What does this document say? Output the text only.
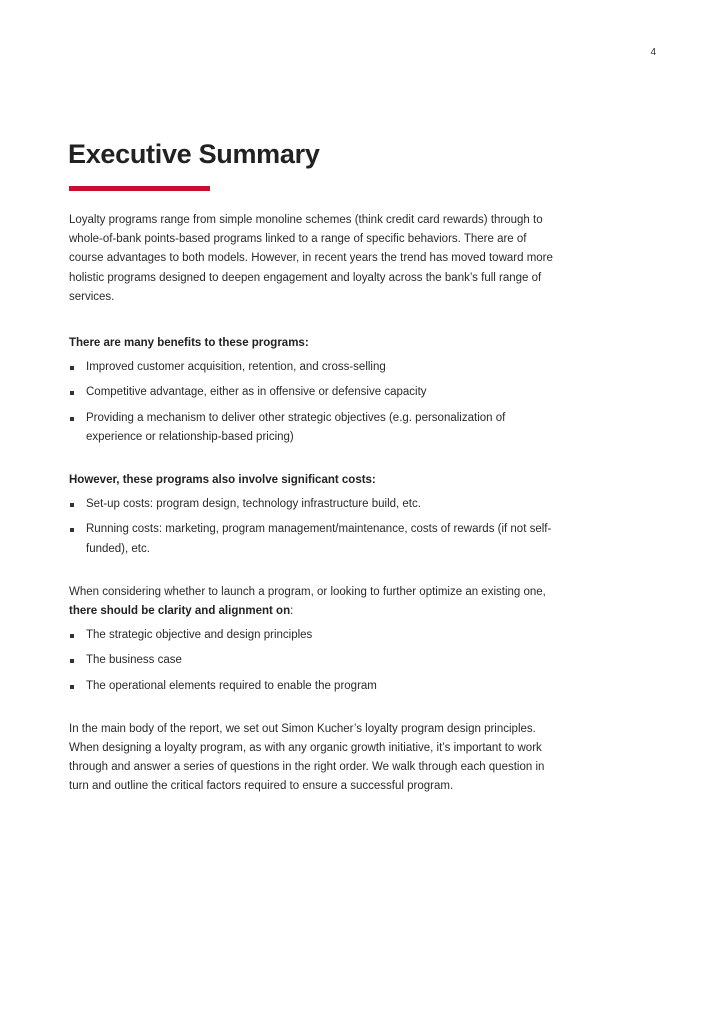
4
Executive Summary

Loyalty programs range from simple monoline schemes (think credit card rewards) through to whole-of-bank points-based programs linked to a range of specific behaviors. There are of course advantages to both models. However, in recent years the trend has moved toward more holistic programs designed to deepen engagement and loyalty across the bank’s full range of services.

There are many benefits to these programs:

Improved customer acquisition, retention, and cross-selling
Competitive advantage, either as in offensive or defensive capacity
Providing a mechanism to deliver other strategic objectives (e.g. personalization of experience or relationship-based pricing)

However, these programs also involve significant costs:

Set-up costs: program design, technology infrastructure build, etc.
Running costs: marketing, program management/maintenance, costs of rewards (if not self-funded), etc.

When considering whether to launch a program, or looking to further optimize an existing one, there should be clarity and alignment on:

The strategic objective and design principles
The business case
The operational elements required to enable the program

In the main body of the report, we set out Simon Kucher’s loyalty program design principles. When designing a loyalty program, as with any organic growth initiative, it’s important to work through and answer a series of questions in the right order. We walk through each question in turn and outline the critical factors required to ensure a successful program.
